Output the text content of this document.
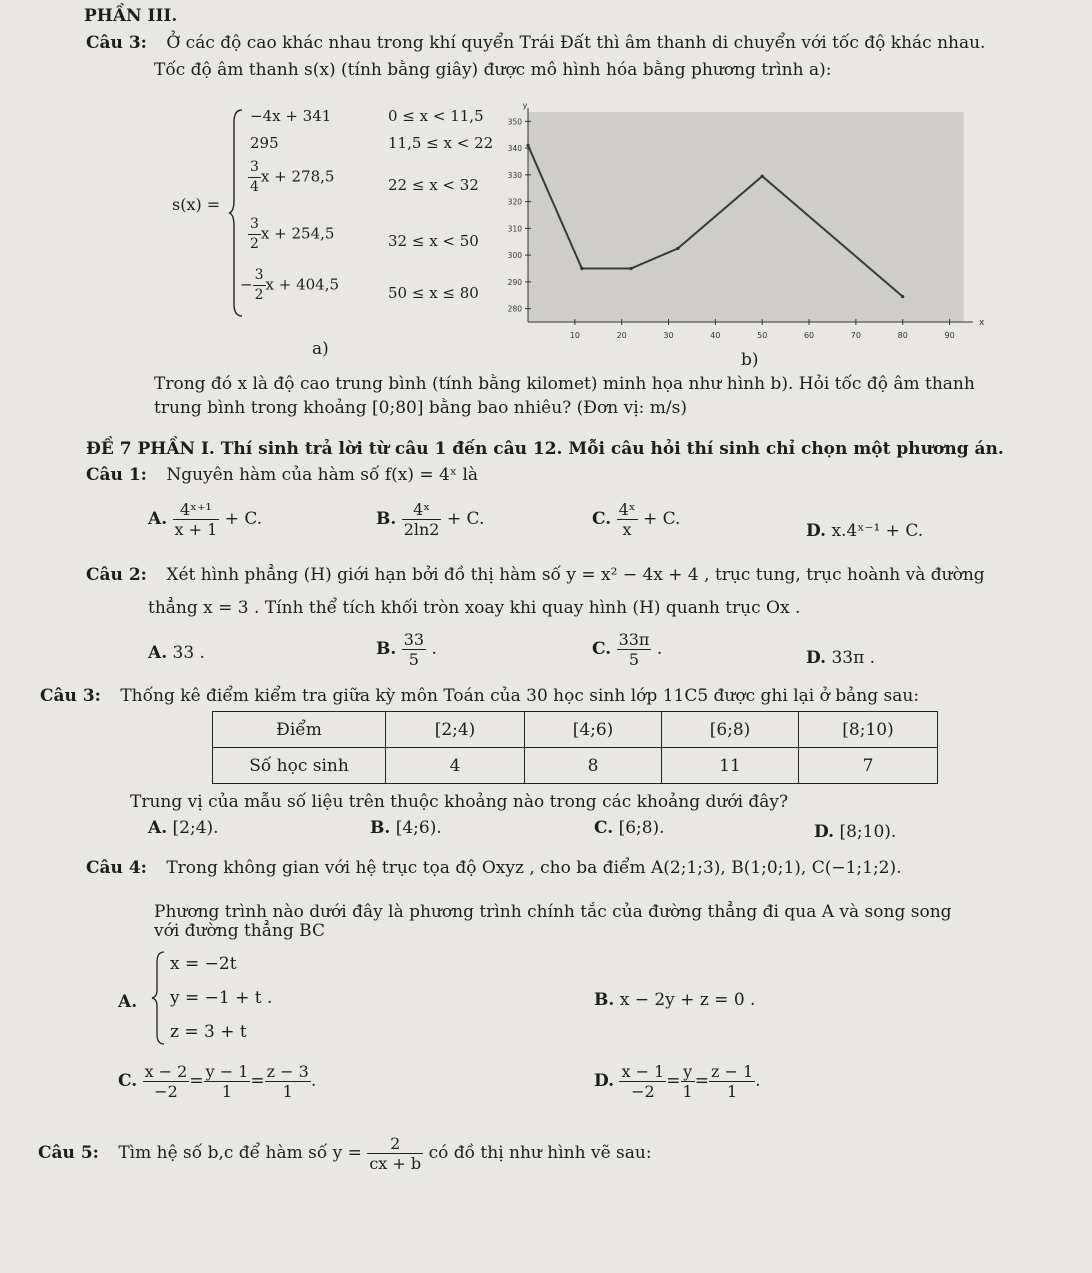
PHẦN III.
Câu 3: Ở các độ cao khác nhau trong khí quyển Trái Đất thì âm thanh di chuyển với tốc độ khác nhau.
Tốc độ âm thanh s(x) (tính bằng giây) được mô hình hóa bằng phương trình a):
s(x) =
−4x + 341	0 ≤ x < 11,5
295	11,5 ≤ x < 22
$\frac{3}{4}$ x + 278,5	22 ≤ x < 32
$\frac{3}{2}$ x + 254,5	32 ≤ x < 50
− $\frac{3}{2}$ x + 404,5	50 ≤ x ≤ 80
a)
y
x
10	20	30	40	50	60	70	80	90
280
290
300
310
320
330
340
350
b)
Trong đó x là độ cao trung bình (tính bằng kilomet) minh họa như hình b). Hỏi tốc độ âm thanh
trung bình trong khoảng [0;80] bằng bao nhiêu? (Đơn vị: m/s)
ĐỀ 7 PHẦN I. Thí sinh trả lời từ câu 1 đến câu 12. Mỗi câu hỏi thí sinh chỉ chọn một phương án.
Câu 1: Nguyên hàm của hàm số f(x) = 4ˣ là
A. $\frac{\text{4ˣ⁺¹}}{x + 1} + C$.	B. $\frac{\text{4ˣ}}{2\ln 2} + C$.	C. $\frac{\text{4ˣ}}{x} + C$.
D. x.4ˣ⁻¹ + C.
Câu 2: Xét hình phẳng (H) giới hạn bởi đồ thị hàm số y = x² − 4x + 4 , trục tung, trục hoành và đường
thẳng x = 3 . Tính thể tích khối tròn xoay khi quay hình (H) quanh trục Ox .
A. 33 .	B. $\frac{33}{5}$ .	C. $\frac{33\pi}{5}$ .	D. 33π .
Câu 3: Thống kê điểm kiểm tra giữa kỳ môn Toán của 30 học sinh lớp 11C5 được ghi lại ở bảng sau:
Điểm	[2;4)	[4;6)	[6;8)	[8;10)
Số học sinh	4	8	11	7
Trung vị của mẫu số liệu trên thuộc khoảng nào trong các khoảng dưới đây?
A. [2;4).	B. [4;6).	C. [6;8).	D. [8;10).
Câu 4: Trong không gian với hệ trục tọa độ Oxyz , cho ba điểm A(2;1;3), B(1;0;1), C(−1;1;2).
Phương trình nào dưới đây là phương trình chính tắc của đường thẳng đi qua A và song song
với đường thẳng BC
A.
x = −2t
y = −1 + t .
z = 3 + t
B. x − 2y + z = 0 .
C. $\frac{x - 2}{-2} = \frac{y - 1}{1} = \frac{z - 3}{1}$ .	D. $\frac{x - 1}{-2} = \frac{y}{1} = \frac{z - 1}{1}$ .
Câu 5: Tìm hệ số b,c để hàm số $y = \frac{2}{cx + b}$ có đồ thị như hình vẽ sau:
